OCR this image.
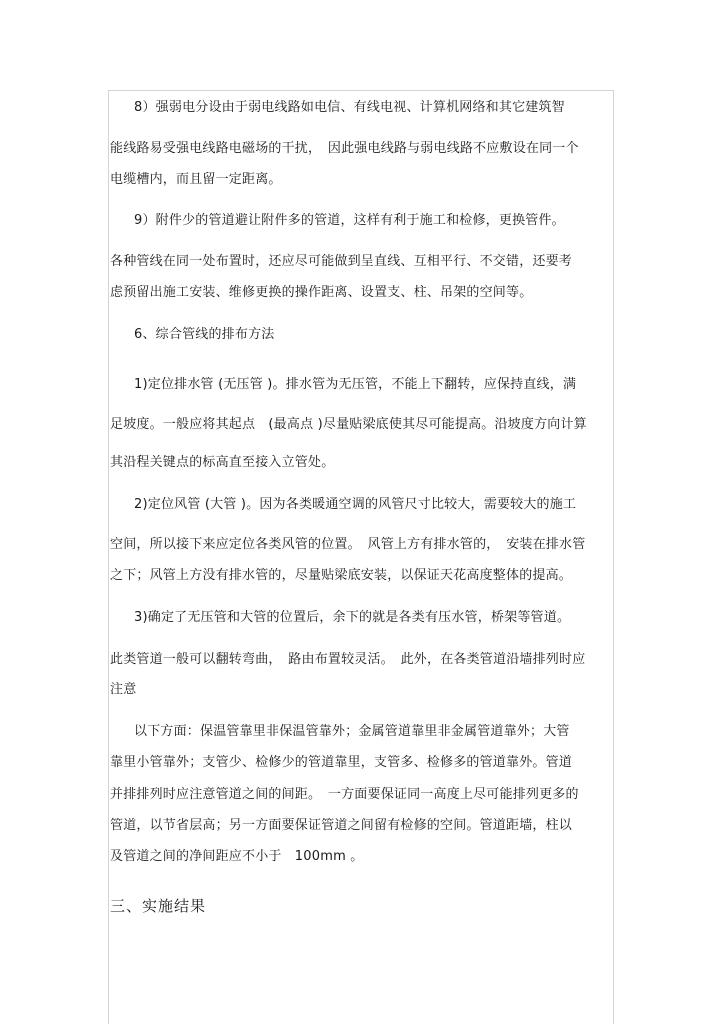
8）强弱电分设由于弱电线路如电信、有线电视、计算机网络和其它建筑智
能线路易受强电线路电磁场的干扰，　因此强电线路与弱电线路不应敷设在同一个
电缆槽内，而且留一定距离。
9）附件少的管道避让附件多的管道，这样有利于施工和检修，更换管件。
各种管线在同一处布置时，还应尽可能做到呈直线、互相平行、不交错，还要考
虑预留出施工安装、维修更换的操作距离、设置支、柱、吊架的空间等。
6、综合管线的排布方法
1)定位排水管 (无压管 )。排水管为无压管，不能上下翻转，应保持直线，满
足坡度。一般应将其起点　(最高点 )尽量贴梁底使其尽可能提高。沿坡度方向计算
其沿程关键点的标高直至接入立管处。
2)定位风管 (大管 )。因为各类暖通空调的风管尺寸比较大，需要较大的施工
空间，所以接下来应定位各类风管的位置。　风管上方有排水管的，　安装在排水管
之下；风管上方没有排水管的，尽量贴梁底安装，以保证天花高度整体的提高。
3)确定了无压管和大管的位置后，余下的就是各类有压水管，桥架等管道。
此类管道一般可以翻转弯曲，　路由布置较灵活。　此外，在各类管道沿墙排列时应
注意
以下方面：保温管靠里非保温管靠外；金属管道靠里非金属管道靠外；大管
靠里小管靠外；支管少、检修少的管道靠里，支管多、检修多的管道靠外。管道
并排排列时应注意管道之间的间距。　一方面要保证同一高度上尽可能排列更多的
管道，以节省层高；另一方面要保证管道之间留有检修的空间。管道距墙，柱以
及管道之间的净间距应不小于　100mm 。
三、实施结果
